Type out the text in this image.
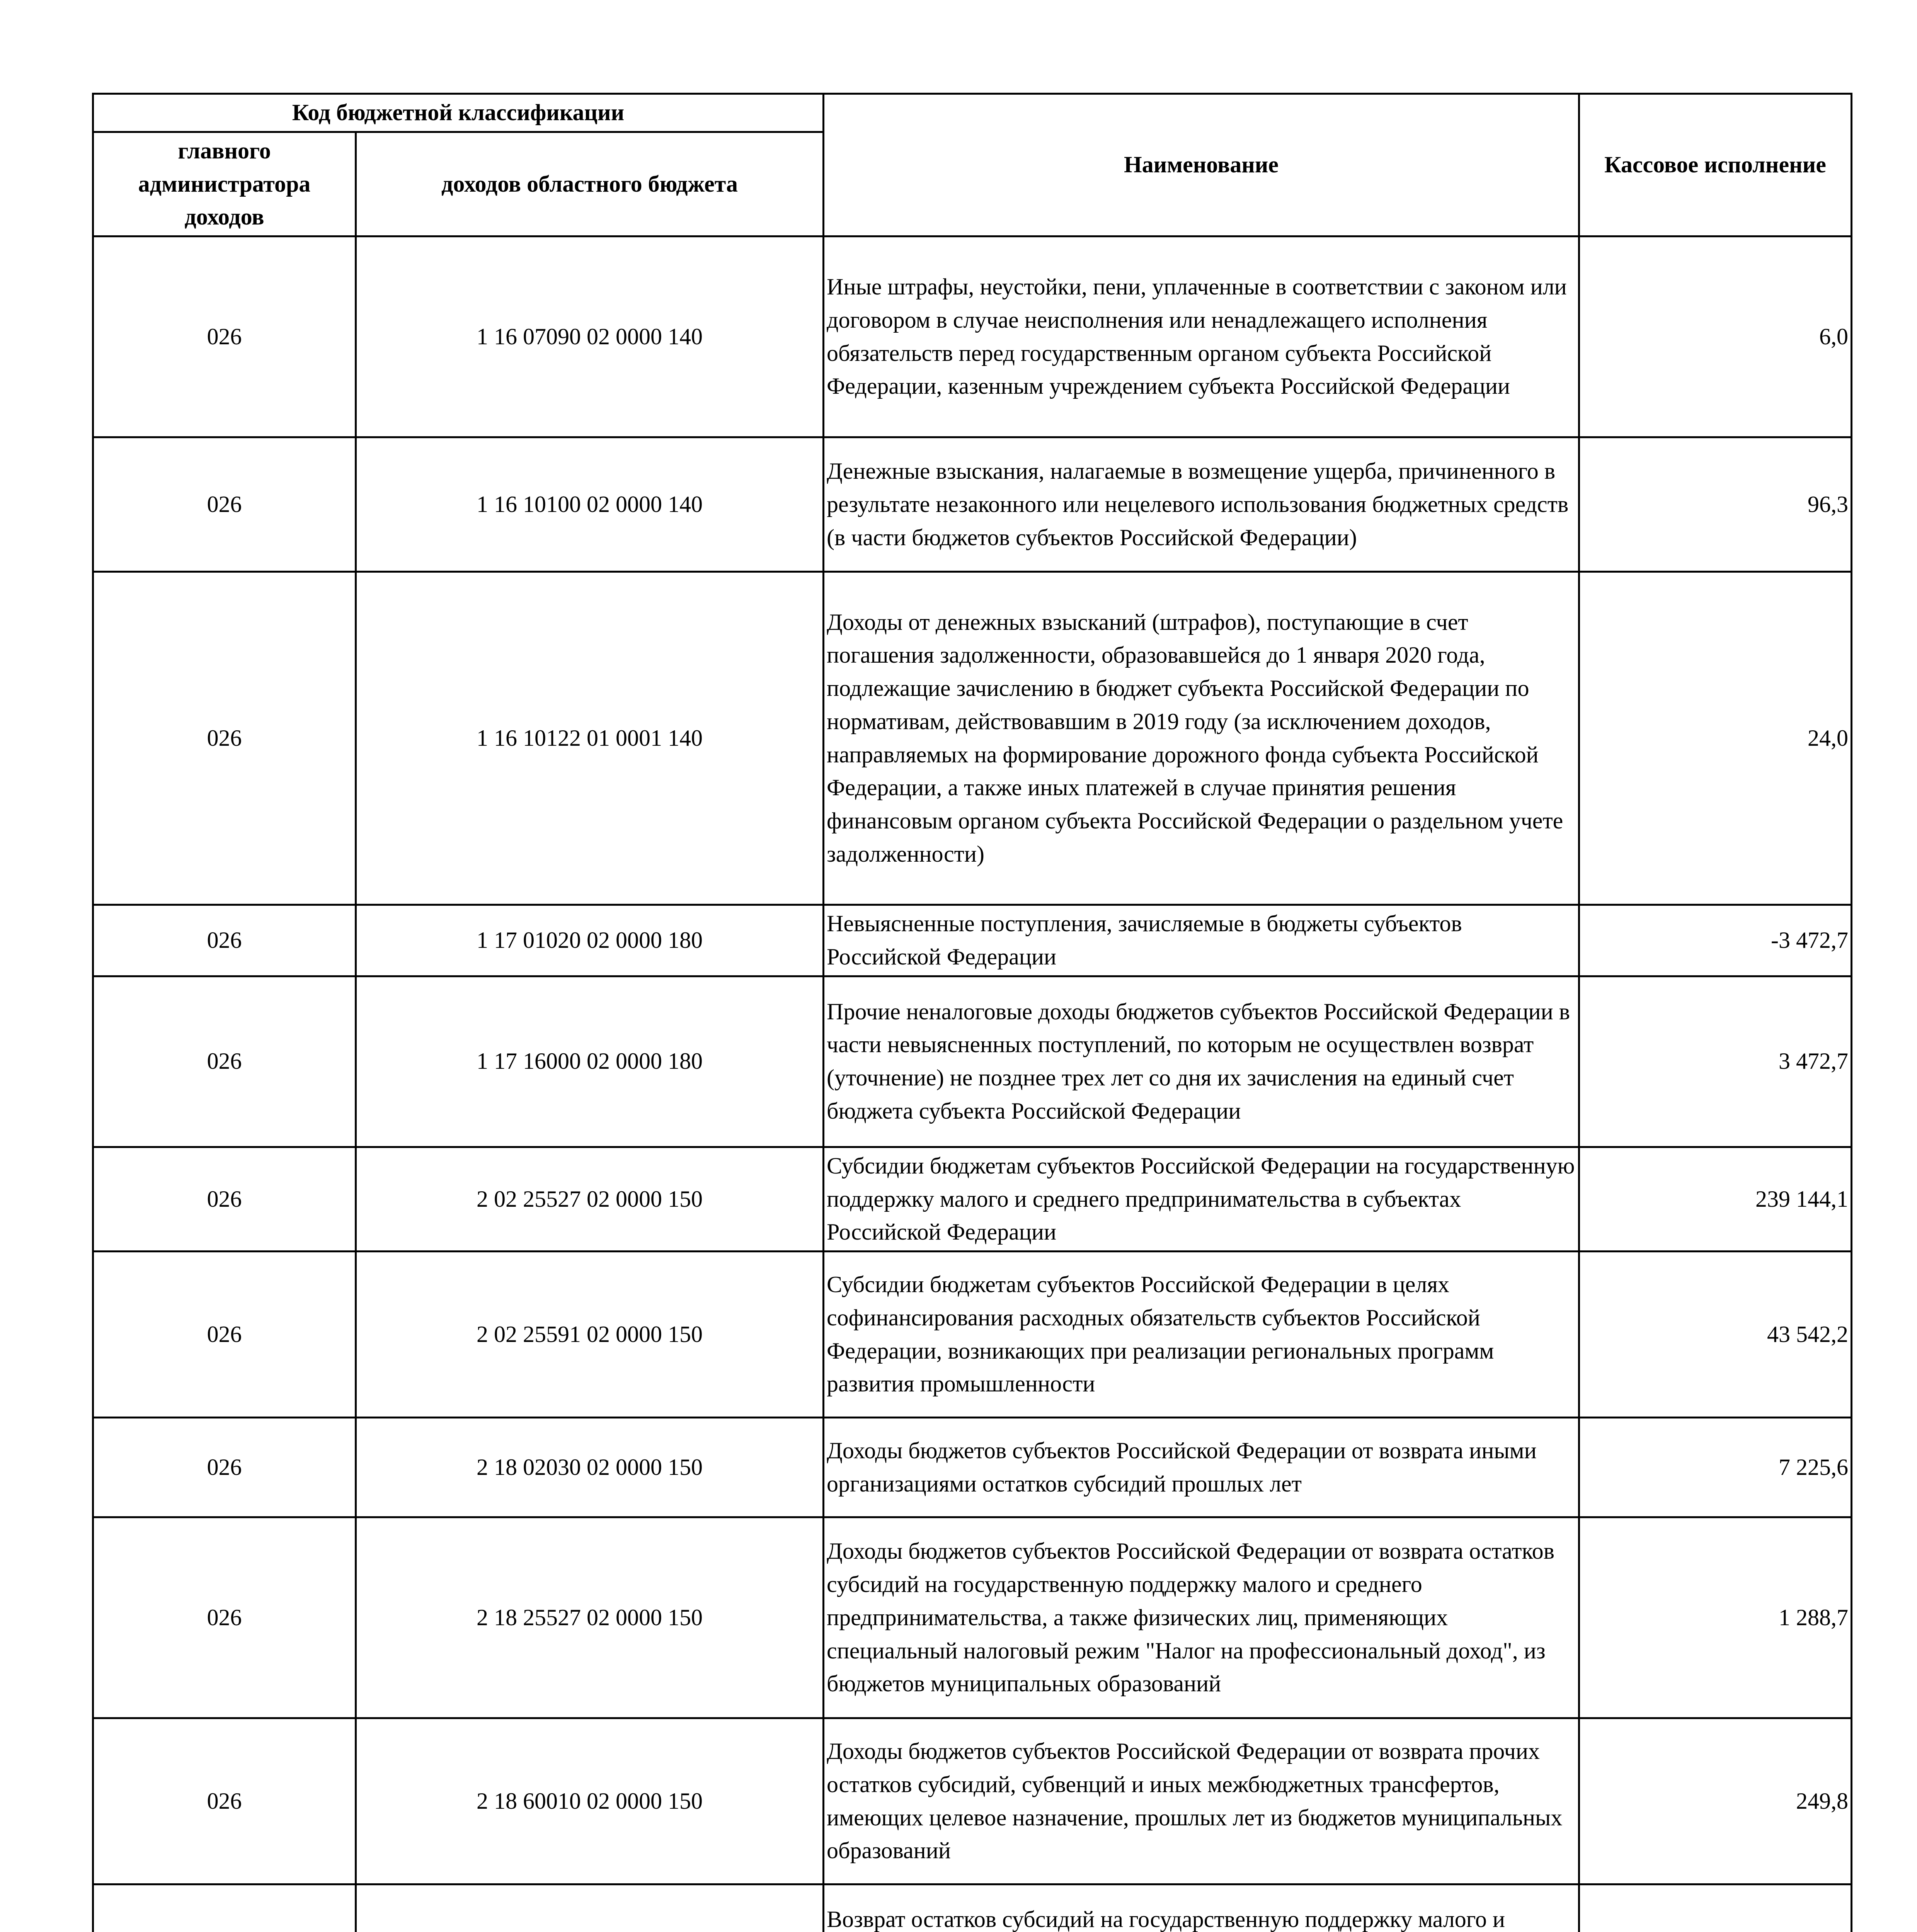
Код бюджетной классификации		Наименование	Кассовое исполнение
главного администратора доходов	доходов областного бюджета		
026	1 16 07090 02 0000 140	Иные штрафы, неустойки, пени, уплаченные в соответствии с законом или договором в случае неисполнения или ненадлежащего исполнения обязательств перед государственным органом субъекта Российской Федерации, казенным учреждением субъекта Российской Федерации	6,0
026	1 16 10100 02 0000 140	Денежные взыскания, налагаемые в возмещение ущерба, причиненного в результате незаконного или нецелевого использования бюджетных средств (в части бюджетов субъектов Российской Федерации)	96,3
026	1 16 10122 01 0001 140	Доходы от денежных взысканий (штрафов), поступающие в счет погашения задолженности, образовавшейся до 1 января 2020 года, подлежащие зачислению в бюджет субъекта Российской Федерации по нормативам, действовавшим в 2019 году (за исключением доходов, направляемых на формирование дорожного фонда субъекта Российской Федерации, а также иных платежей в случае принятия решения финансовым органом субъекта Российской Федерации о раздельном учете задолженности)	24,0
026	1 17 01020 02 0000 180	Невыясненные поступления, зачисляемые в бюджеты субъектов Российской Федерации	-3 472,7
026	1 17 16000 02 0000 180	Прочие неналоговые доходы бюджетов субъектов Российской Федерации в части невыясненных поступлений, по которым не осуществлен возврат (уточнение) не позднее трех лет со дня их зачисления на единый счет бюджета субъекта Российской Федерации	3 472,7
026	2 02 25527 02 0000 150	Субсидии бюджетам субъектов Российской Федерации на государственную поддержку малого и среднего предпринимательства в субъектах Российской Федерации	239 144,1
026	2 02 25591 02 0000 150	Субсидии бюджетам субъектов Российской Федерации в целях софинансирования расходных обязательств субъектов Российской Федерации, возникающих при реализации региональных программ развития промышленности	43 542,2
026	2 18 02030 02 0000 150	Доходы бюджетов субъектов Российской Федерации от возврата иными организациями остатков субсидий прошлых лет	7 225,6
026	2 18 25527 02 0000 150	Доходы бюджетов субъектов Российской Федерации от возврата остатков субсидий на государственную поддержку малого и среднего предпринимательства, а также физических лиц, применяющих специальный налоговый режим "Налог на профессиональный доход", из бюджетов муниципальных образований	1 288,7
026	2 18 60010 02 0000 150	Доходы бюджетов субъектов Российской Федерации от возврата прочих остатков субсидий, субвенций и иных межбюджетных трансфертов, имеющих целевое назначение, прошлых лет из бюджетов муниципальных образований	249,8
		Возврат остатков субсидий на государственную поддержку малого и	
